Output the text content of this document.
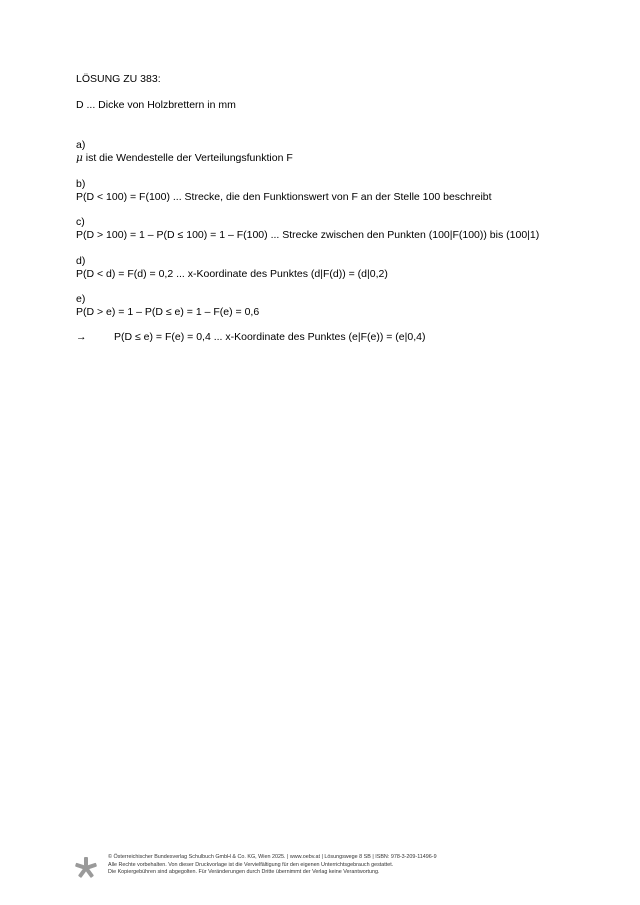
LÖSUNG ZU 383:
D ... Dicke von Holzbrettern in mm
a)
μ ist die Wendestelle der Verteilungsfunktion F
b)
P(D < 100) = F(100) ... Strecke, die den Funktionswert von F an der Stelle 100 beschreibt
c)
P(D > 100) = 1 – P(D ≤ 100) = 1 – F(100) ... Strecke zwischen den Punkten (100|F(100)) bis (100|1)
d)
P(D < d) = F(d) = 0,2 ... x-Koordinate des Punktes (d|F(d)) = (d|0,2)
e)
P(D > e) = 1 – P(D ≤ e) = 1 – F(e) = 0,6
→	P(D ≤ e) = F(e) = 0,4 ... x-Koordinate des Punktes (e|F(e)) = (e|0,4)
© Österreichischer Bundesverlag Schulbuch GmbH & Co. KG, Wien 2025. | www.oebv.at | Lösungswege 8 SB | ISBN: 978-3-209-11496-9
Alle Rechte vorbehalten. Von dieser Druckvorlage ist die Vervielfältigung für den eigenen Unterrichtsgebrauch gestattet.
Die Kopiergebühren sind abgegolten. Für Veränderungen durch Dritte übernimmt der Verlag keine Verantwortung.
